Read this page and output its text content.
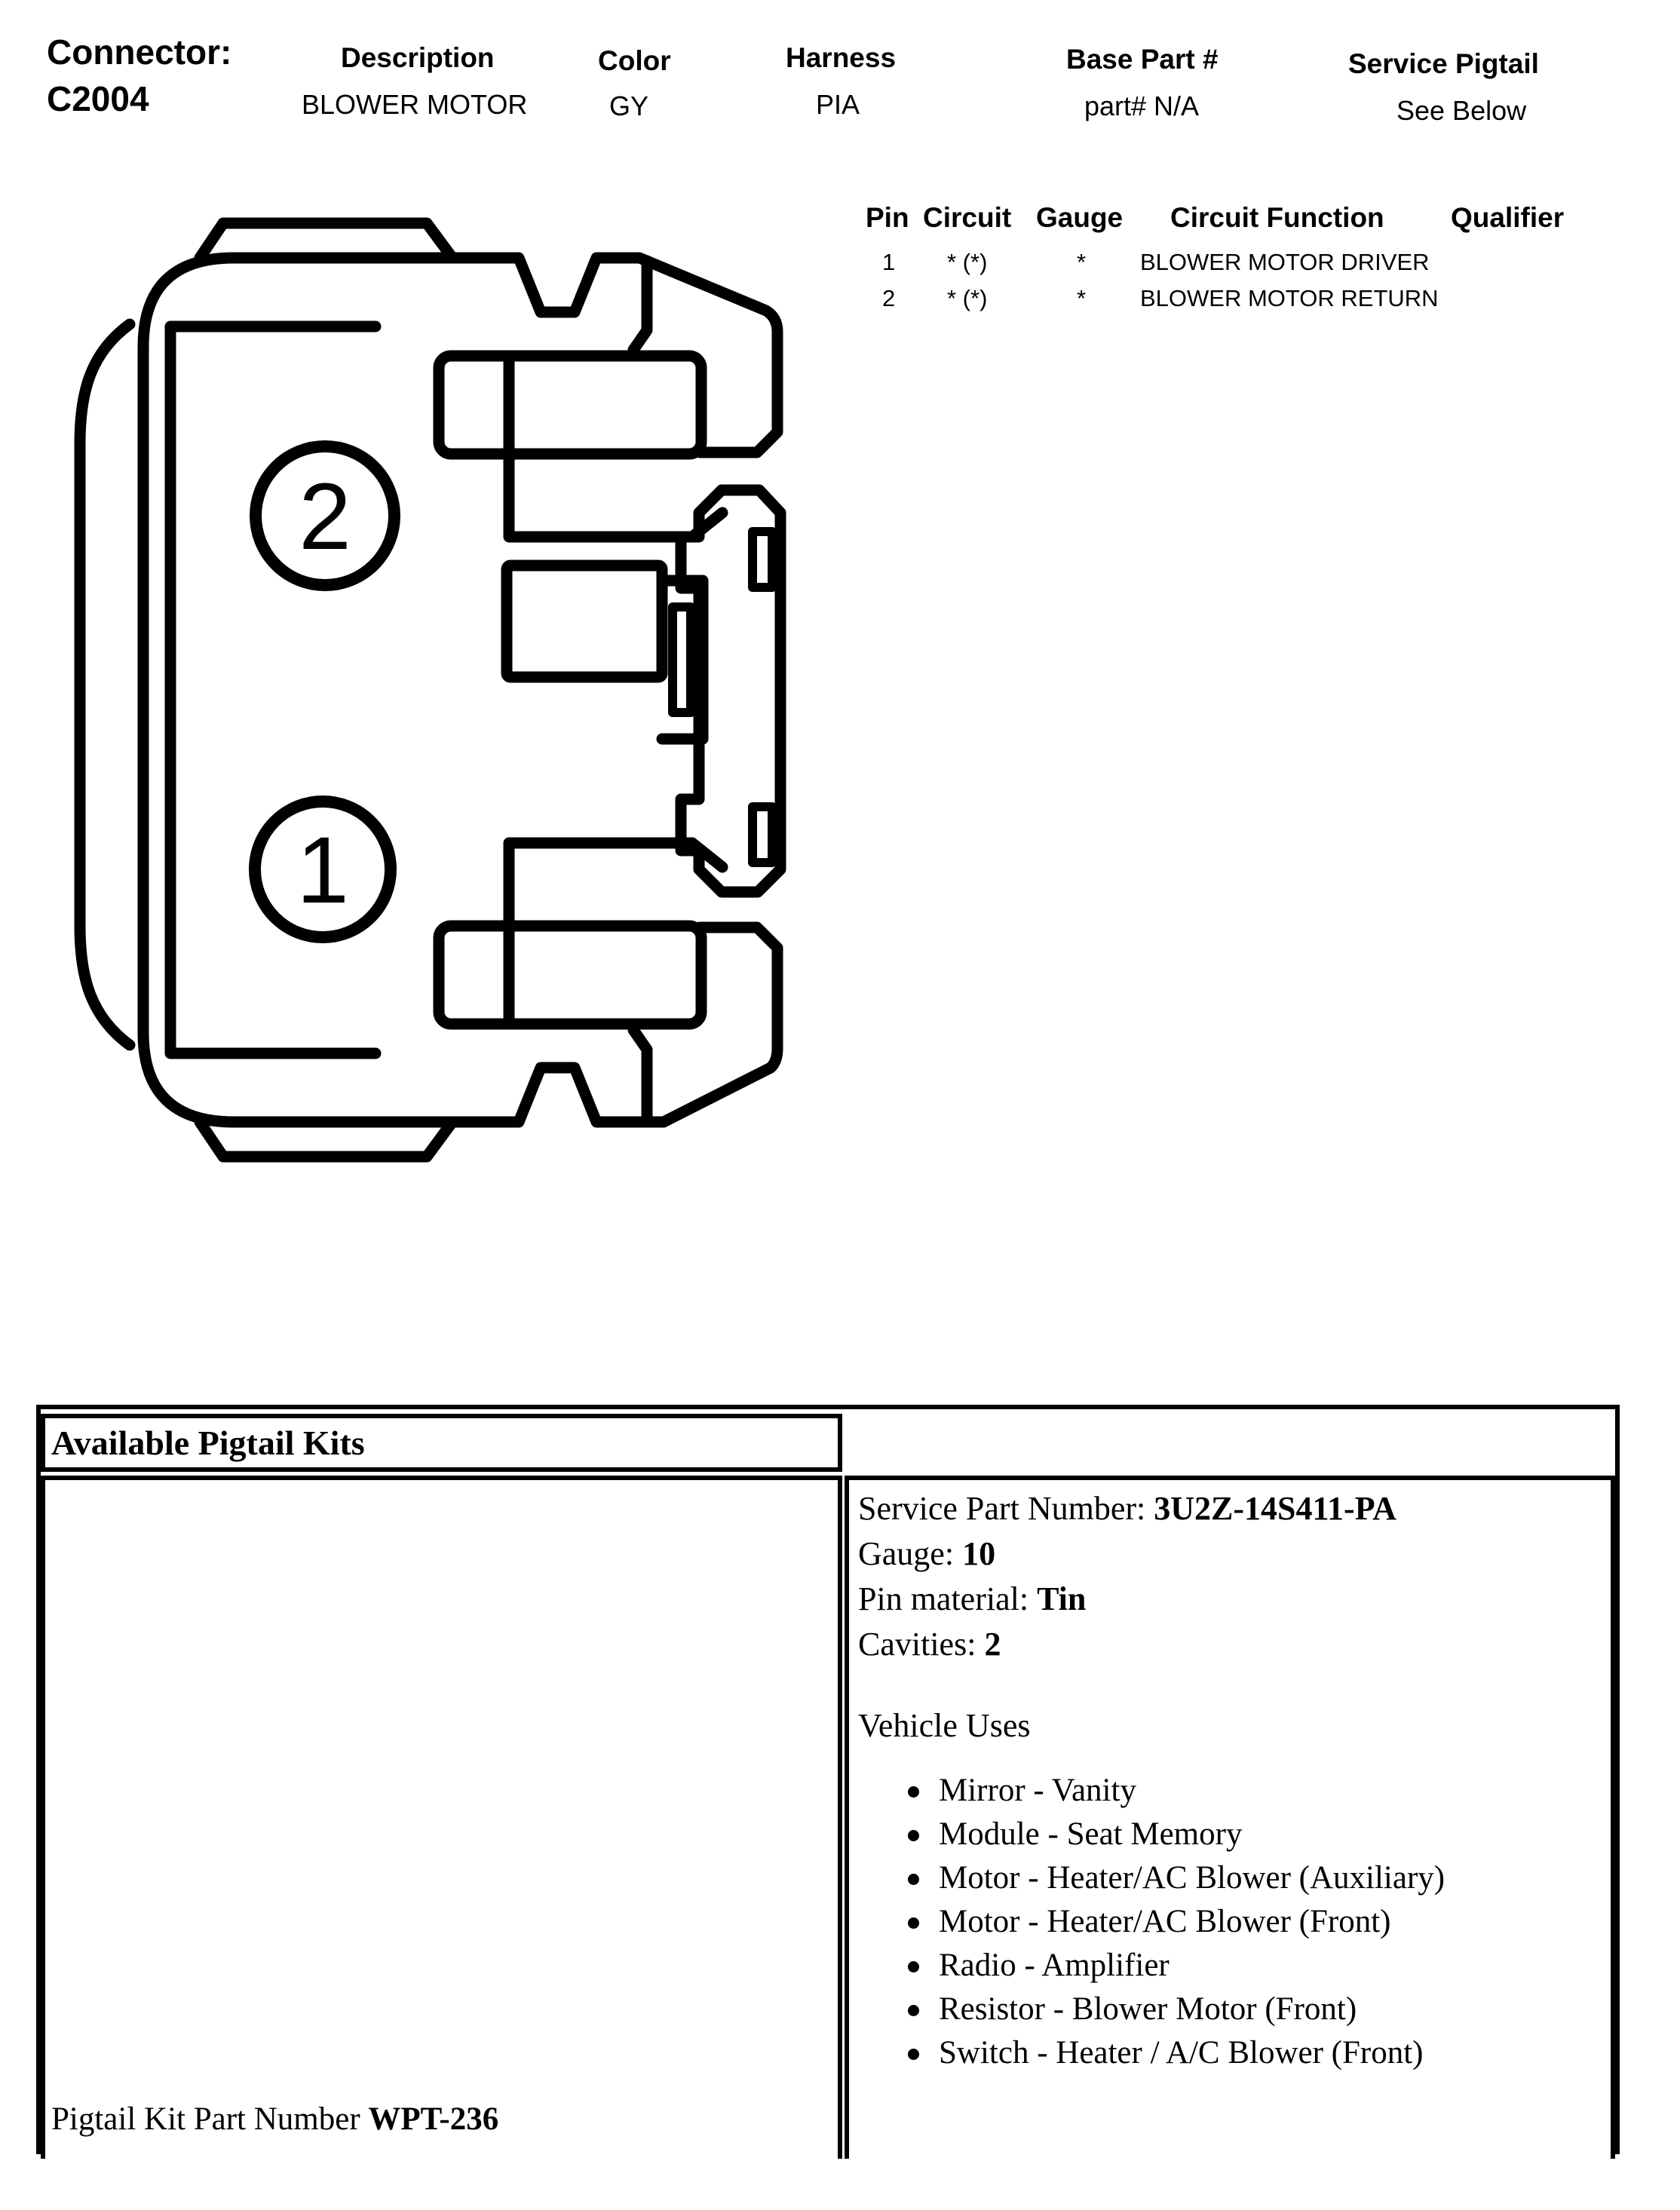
Connector:
C2004
Description
BLOWER MOTOR
Color
GY
Harness
PIA
Base Part #
part# N/A
Service Pigtail
See Below
Pin Circuit Gauge Circuit Function Qualifier
1 * (*)	* BLOWER MOTOR DRIVER
2 * (*)	* BLOWER MOTOR RETURN
2
1
Available Pigtail Kits
Pigtail Kit Part Number WPT-236
Service Part Number: 3U2Z-14S411-PA
Gauge: 10
Pin material: Tin
Cavities: 2
Vehicle Uses
Mirror - Vanity
Module - Seat Memory
Motor - Heater/AC Blower (Auxiliary)
Motor - Heater/AC Blower (Front)
Radio - Amplifier
Resistor - Blower Motor (Front)
Switch - Heater / A/C Blower (Front)
